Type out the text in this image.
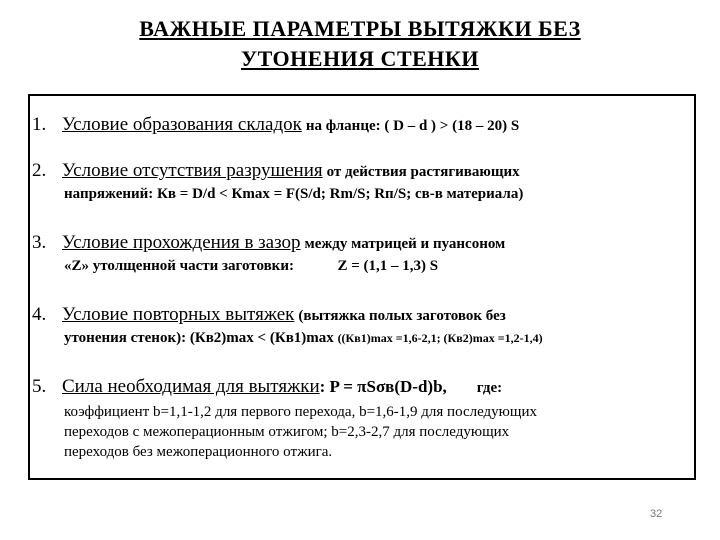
ВАЖНЫЕ ПАРАМЕТРЫ ВЫТЯЖКИ БЕЗ
УТОНЕНИЯ СТЕНКИ
1. Условие образования складок на фланце: ( D – d ) > (18 – 20) S
2. Условие отсутствия разрушения от действия растягивающих
напряжений: Кв = D/d < Кmax = F(S/d; Rm/S; Rп/S; св-в материала)
3. Условие прохождения в зазор между матрицей и пуансоном
«Z» утолщенной части заготовки:	Z = (1,1 – 1,3) S
4. Условие повторных вытяжек (вытяжка полых заготовок без
утонения стенок): (Кв2)max < (Кв1)max ((Кв1)max =1,6-2,1; (Кв2)max =1,2-1,4)
5. Сила необходимая для вытяжки: P = πSσв(D-d)b, где:
коэффициент b=1,1-1,2 для первого перехода, b=1,6-1,9 для последующих
переходов с межоперационным отжигом; b=2,3-2,7 для последующих
переходов без межоперационного отжига.
32
